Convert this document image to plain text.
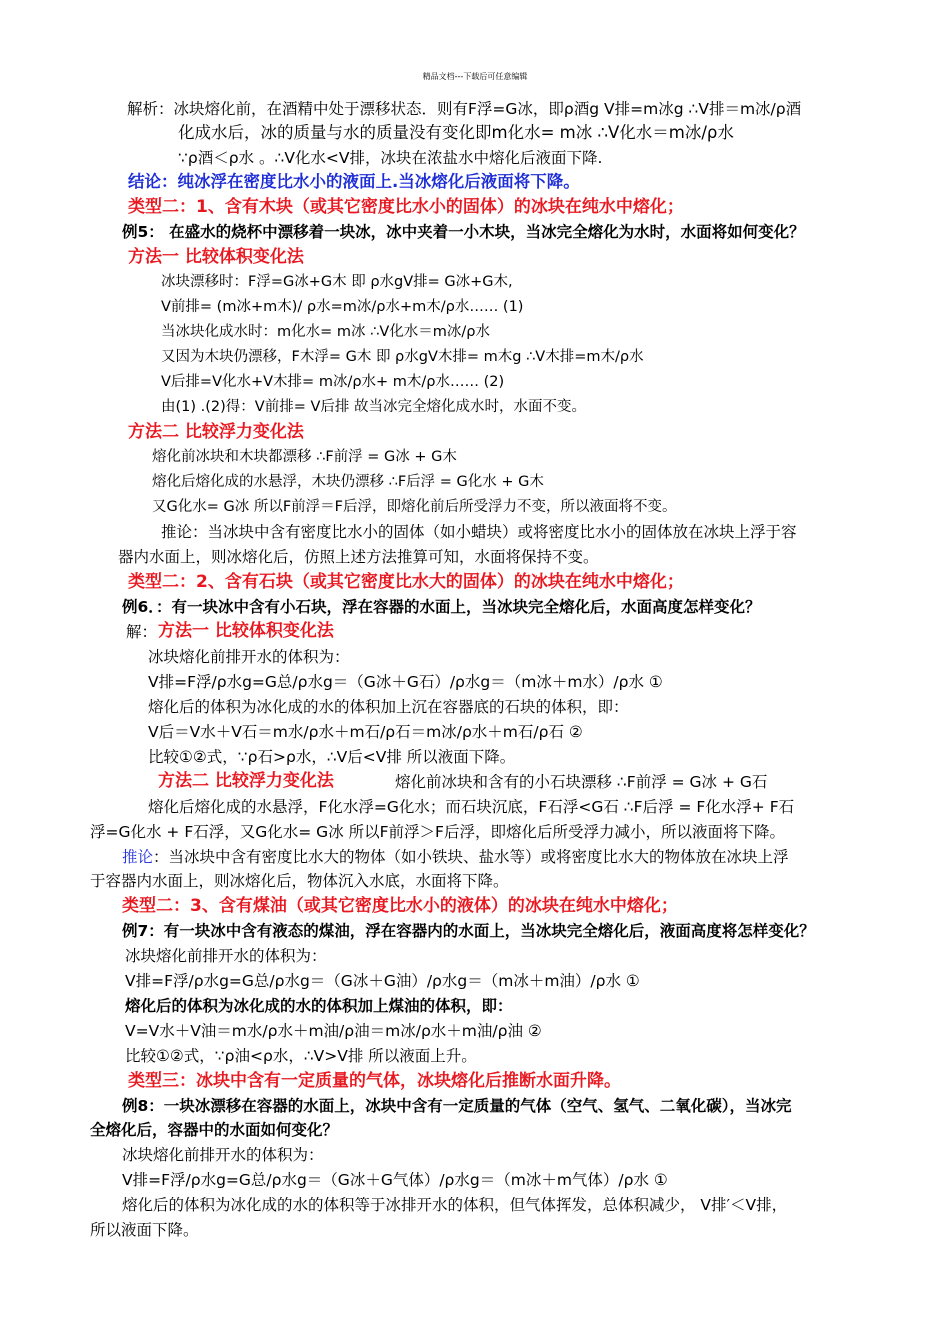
精品文档---下载后可任意编辑
解析：冰块熔化前，在酒精中处于漂移状态．则有F浮=G冰，即ρ酒g V排=m冰g ∴V排＝m冰/ρ酒
化成水后，冰的质量与水的质量没有变化即m化水= m冰 ∴V化水＝m冰/ρ水
∵ρ酒＜ρ水 。∴V化水<V排，冰块在浓盐水中熔化后液面下降.
结论：纯冰浮在密度比水小的液面上.当冰熔化后液面将下降。
类型二：1、含有木块（或其它密度比水小的固体）的冰块在纯水中熔化；
例5： 在盛水的烧杯中漂移着一块冰，冰中夹着一小木块，当冰完全熔化为水时，水面将如何变化？
方法一 比较体积变化法
冰块漂移时：F浮=G冰+G木 即 ρ水gV排= G冰+G木,
V前排= (m冰+m木)/ ρ水=m冰/ρ水+m木/ρ水…… (1)
当冰块化成水时：m化水= m冰 ∴V化水＝m冰/ρ水
又因为木块仍漂移，F木浮= G木 即 ρ水gV木排= m木g ∴V木排=m木/ρ水
V后排=V化水+V木排= m冰/ρ水+ m木/ρ水…… (2)
由(1) .(2)得：V前排= V后排 故当冰完全熔化成水时，水面不变。
方法二 比较浮力变化法
熔化前冰块和木块都漂移 ∴F前浮 = G冰 + G木
熔化后熔化成的水悬浮，木块仍漂移 ∴F后浮 = G化水 + G木
又G化水= G冰 所以F前浮＝F后浮，即熔化前后所受浮力不变，所以液面将不变。
推论：当冰块中含有密度比水小的固体（如小蜡块）或将密度比水小的固体放在冰块上浮于容
器内水面上，则冰熔化后，仿照上述方法推算可知，水面将保持不变。
类型二：2、含有石块（或其它密度比水大的固体）的冰块在纯水中熔化；
例6．：有一块冰中含有小石块，浮在容器的水面上，当冰块完全熔化后，水面高度怎样变化？
解： 方法一 比较体积变化法
冰块熔化前排开水的体积为：
V排=F浮/ρ水g=G总/ρ水g＝（G冰＋G石）/ρ水g＝（m冰＋m水）/ρ水 ①
熔化后的体积为冰化成的水的体积加上沉在容器底的石块的体积，即：
V后＝V水＋V石＝m水/ρ水＋m石/ρ石＝m冰/ρ水＋m石/ρ石 ②
比较①②式，∵ρ石>ρ水，∴V后<V排 所以液面下降。
方法二 比较浮力变化法	熔化前冰块和含有的小石块漂移 ∴F前浮 = G冰 + G石
熔化后熔化成的水悬浮，F化水浮=G化水；而石块沉底，F石浮<G石 ∴F后浮 = F化水浮+ F石
浮=G化水 + F石浮，又G化水= G冰 所以F前浮＞F后浮，即熔化后所受浮力减小，所以液面将下降。
推论 ：当冰块中含有密度比水大的物体（如小铁块、盐水等）或将密度比水大的物体放在冰块上浮
于容器内水面上，则冰熔化后，物体沉入水底，水面将下降。
类型二：3、含有煤油（或其它密度比水小的液体）的冰块在纯水中熔化；
例7：有一块冰中含有液态的煤油，浮在容器内的水面上，当冰块完全熔化后，液面高度将怎样变化？
冰块熔化前排开水的体积为：
V排=F浮/ρ水g=G总/ρ水g＝（G冰＋G油）/ρ水g＝（m冰＋m油）/ρ水 ①
熔化后的体积为冰化成的水的体积加上煤油的体积，即：
V=V水＋V油＝m水/ρ水＋m油/ρ油＝m冰/ρ水＋m油/ρ油 ②
比较①②式，∵ρ油<ρ水，∴V>V排 所以液面上升。
类型三：冰块中含有一定质量的气体，冰块熔化后推断水面升降。
例8：一块冰漂移在容器的水面上，冰块中含有一定质量的气体（空气、氢气、二氧化碳），当冰完
全熔化后，容器中的水面如何变化？
冰块熔化前排开水的体积为：
V排=F浮/ρ水g=G总/ρ水g＝（G冰＋G气体）/ρ水g＝（m冰＋m气体）/ρ水 ①
熔化后的体积为冰化成的水的体积等于冰排开水的体积，但气体挥发，总体积减少， V排′＜V排，
所以液面下降。
